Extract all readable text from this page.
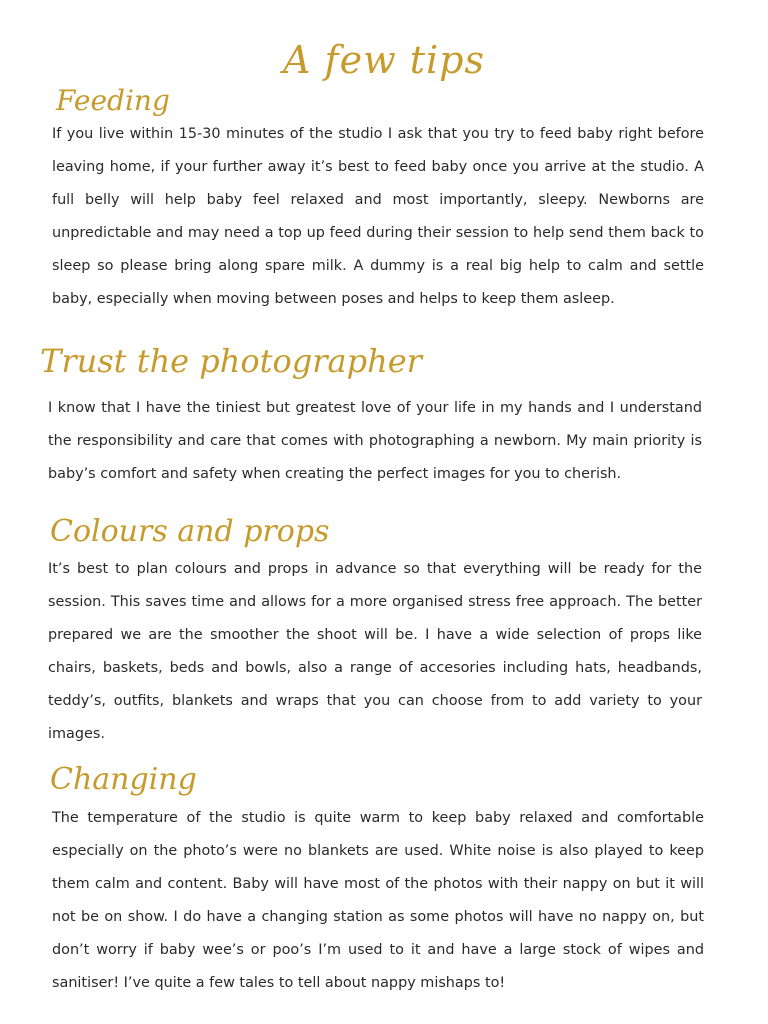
A few tips
Feeding
If you live within 15-30 minutes of the studio I ask that you try to feed baby right before leaving home, if your further away it’s best to feed baby once you arrive at the studio. A full belly will help baby feel relaxed and most importantly, sleepy. Newborns are unpredictable and may need a top up feed during their session to help send them back to sleep so please bring along spare milk. A dummy is a real big help to calm and settle baby, especially when moving between poses and helps to keep them asleep.
Trust the photographer
I know that I have the tiniest but greatest love of your life in my hands and I understand the responsibility and care that comes with photographing a newborn. My main priority is baby’s comfort and safety when creating the perfect images for you to cherish.
Colours and props
It’s best to plan colours and props in advance so that everything will be ready for the session. This saves time and allows for a more organised stress free approach. The better prepared we are the smoother the shoot will be. I have a wide selection of props like chairs, baskets, beds and bowls, also a range of accesories including hats, headbands, teddy’s, outfits, blankets and wraps that you can choose from to add variety to your images.
Changing
The temperature of the studio is quite warm to keep baby relaxed and comfortable especially on the photo’s were no blankets are used. White noise is also played to keep them calm and content. Baby will have most of the photos with their nappy on but it will not be on show. I do have a changing station as some photos will have no nappy on, but don’t worry if baby wee’s or poo’s I’m used to it and have a large stock of wipes and sanitiser! I’ve quite a few tales to tell about nappy mishaps to!
